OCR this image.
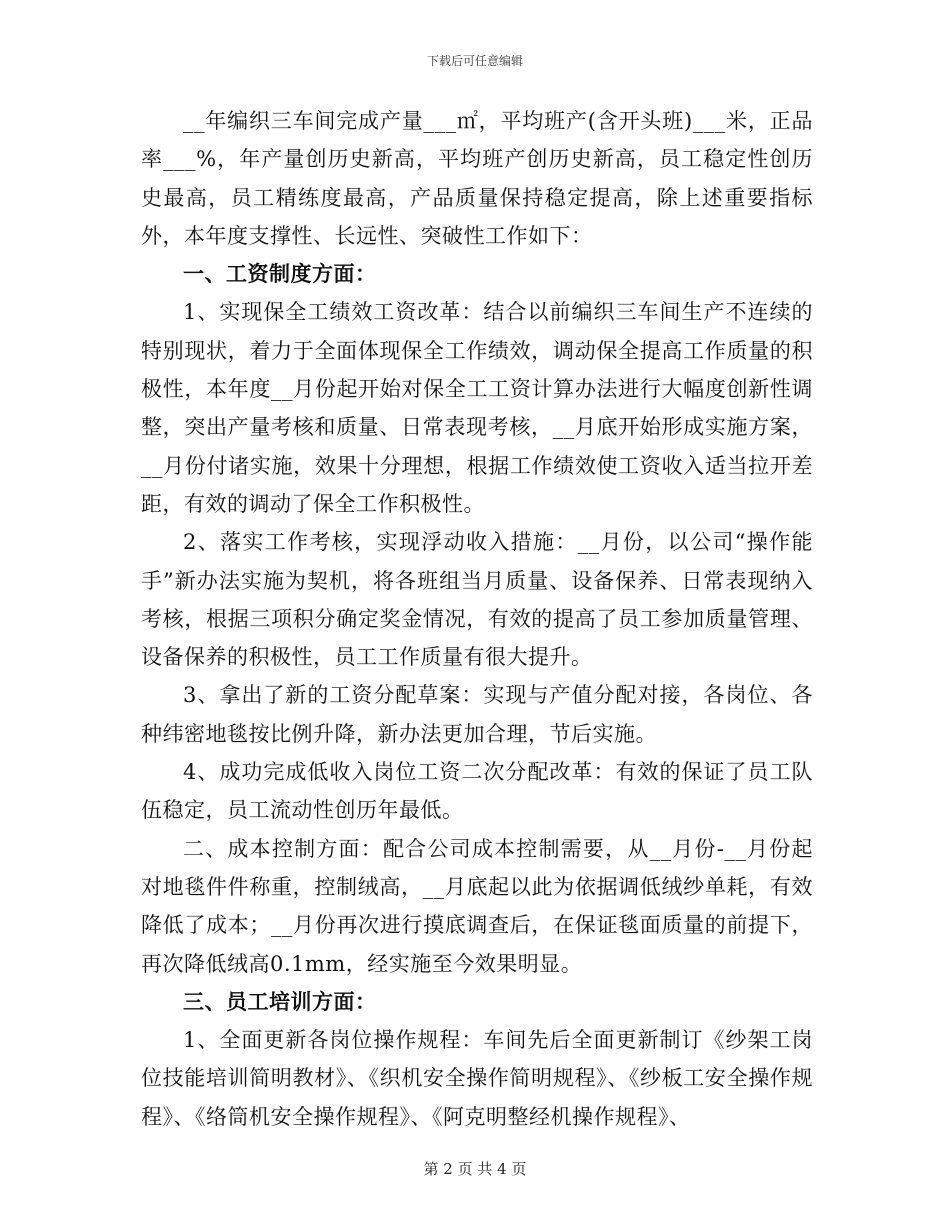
下载后可任意编辑

__年编织三车间完成产量___㎡，平均班产(含开头班)___米，正品率___%，年产量创历史新高，平均班产创历史新高，员工稳定性创历史最高，员工精练度最高，产品质量保持稳定提高，除上述重要指标外，本年度支撑性、长远性、突破性工作如下：

一、工资制度方面：

1、实现保全工绩效工资改革：结合以前编织三车间生产不连续的特别现状，着力于全面体现保全工作绩效，调动保全提高工作质量的积极性，本年度__月份起开始对保全工工资计算办法进行大幅度创新性调整，突出产量考核和质量、日常表现考核，__月底开始形成实施方案，__月份付诸实施，效果十分理想，根据工作绩效使工资收入适当拉开差距，有效的调动了保全工作积极性。

2、落实工作考核，实现浮动收入措施：__月份，以公司“操作能手”新办法实施为契机，将各班组当月质量、设备保养、日常表现纳入考核，根据三项积分确定奖金情况，有效的提高了员工参加质量管理、设备保养的积极性，员工工作质量有很大提升。

3、拿出了新的工资分配草案：实现与产值分配对接，各岗位、各种纬密地毯按比例升降，新办法更加合理，节后实施。

4、成功完成低收入岗位工资二次分配改革：有效的保证了员工队伍稳定，员工流动性创历年最低。

二、成本控制方面：配合公司成本控制需要，从__月份-__月份起对地毯件件称重，控制绒高，__月底起以此为依据调低绒纱单耗，有效降低了成本；__月份再次进行摸底调查后，在保证毯面质量的前提下，再次降低绒高0.1mm，经实施至今效果明显。

三、员工培训方面：

1、全面更新各岗位操作规程：车间先后全面更新制订《纱架工岗位技能培训简明教材》、《织机安全操作简明规程》、《纱板工安全操作规程》、《络筒机安全操作规程》、《阿克明整经机操作规程》、

第 2 页 共 4 页
